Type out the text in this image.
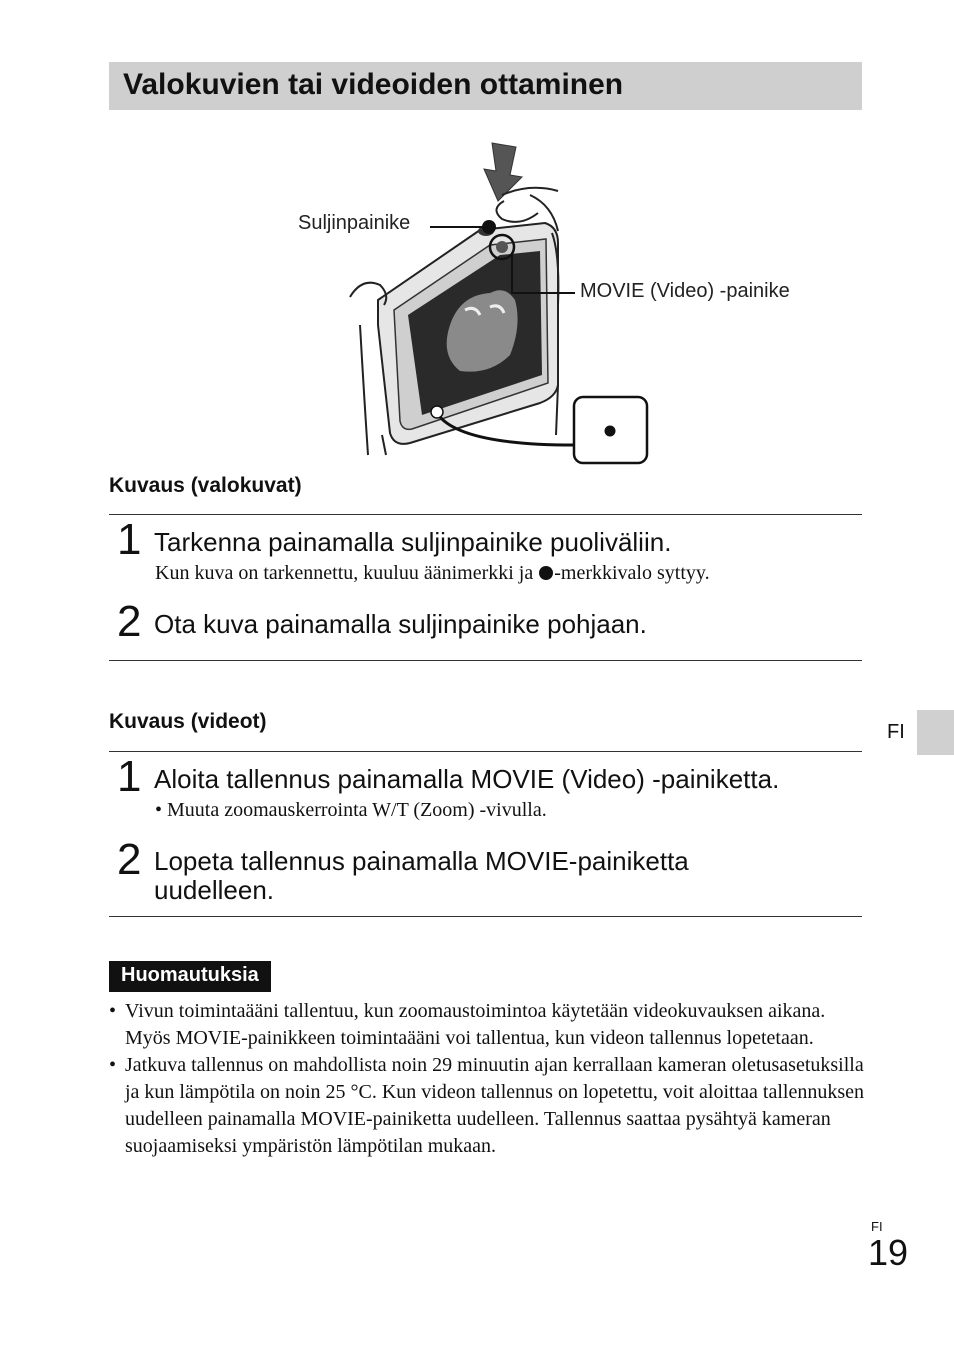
Valokuvien tai videoiden ottaminen
Suljinpainike
MOVIE (Video) -painike
Kuvaus (valokuvat)
1 Tarkenna painamalla suljinpainike puoliväliin.
Kun kuva on tarkennettu, kuuluu äänimerkki ja -merkkivalo syttyy.
2 Ota kuva painamalla suljinpainike pohjaan.
Kuvaus (videot)
1 Aloita tallennus painamalla MOVIE (Video) -painiketta.
• Muuta zoomauskerrointa W/T (Zoom) -vivulla.
2 Lopeta tallennus painamalla MOVIE-painiketta
uudelleen.
Huomautuksia
• Vivun toimintaääni tallentuu, kun zoomaustoimintoa käytetään videokuvauksen aikana. Myös MOVIE-painikkeen toimintaääni voi tallentua, kun videon tallennus lopetetaan.
• Jatkuva tallennus on mahdollista noin 29 minuutin ajan kerrallaan kameran oletusasetuksilla ja kun lämpötila on noin 25 °C. Kun videon tallennus on lopetettu, voit aloittaa tallennuksen uudelleen painamalla MOVIE-painiketta uudelleen. Tallennus saattaa pysähtyä kameran suojaamiseksi ympäristön lämpötilan mukaan.
FI
FI
19
